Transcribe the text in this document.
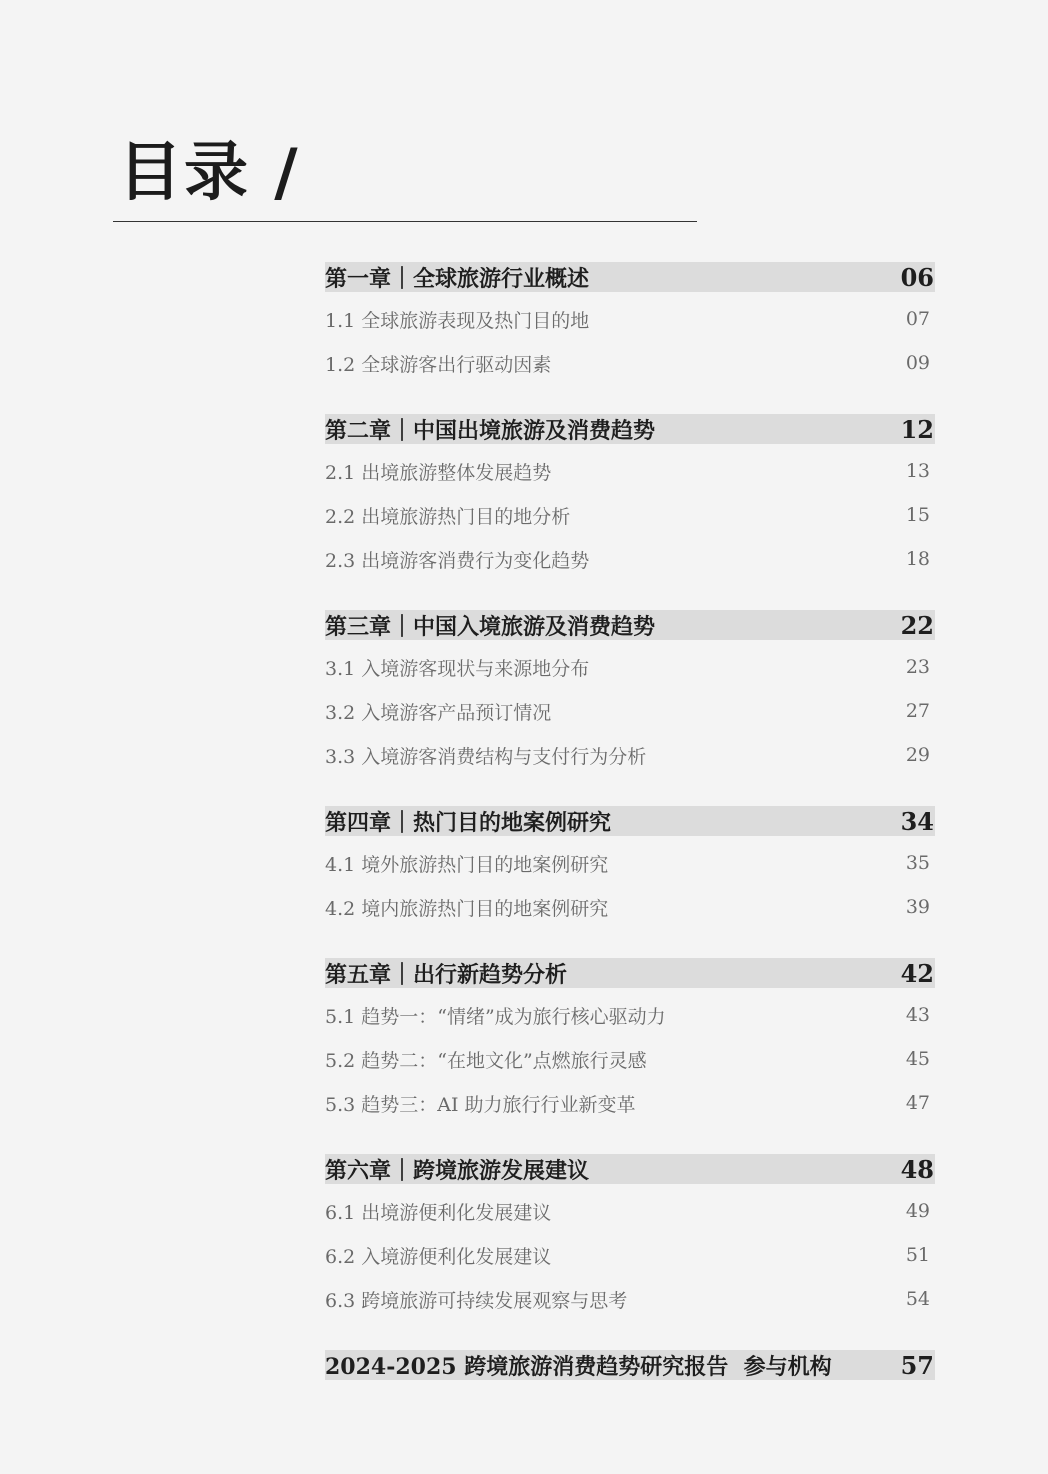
目录 /
第一章｜全球旅游行业概述	06
1.1 全球旅游表现及热门目的地	07
1.2 全球游客出行驱动因素	09
第二章｜中国出境旅游及消费趋势	12
2.1 出境旅游整体发展趋势	13
2.2 出境旅游热门目的地分析	15
2.3 出境游客消费行为变化趋势	18
第三章｜中国入境旅游及消费趋势	22
3.1 入境游客现状与来源地分布	23
3.2 入境游客产品预订情况	27
3.3 入境游客消费结构与支付行为分析	29
第四章｜热门目的地案例研究	34
4.1 境外旅游热门目的地案例研究	35
4.2 境内旅游热门目的地案例研究	39
第五章｜出行新趋势分析	42
5.1 趋势一：“情绪”成为旅行核心驱动力	43
5.2 趋势二：“在地文化”点燃旅行灵感	45
5.3 趋势三：AI 助力旅行行业新变革	47
第六章｜跨境旅游发展建议	48
6.1 出境游便利化发展建议	49
6.2 入境游便利化发展建议	51
6.3 跨境旅游可持续发展观察与思考	54
2024-2025 跨境旅游消费趋势研究报告  参与机构	57
